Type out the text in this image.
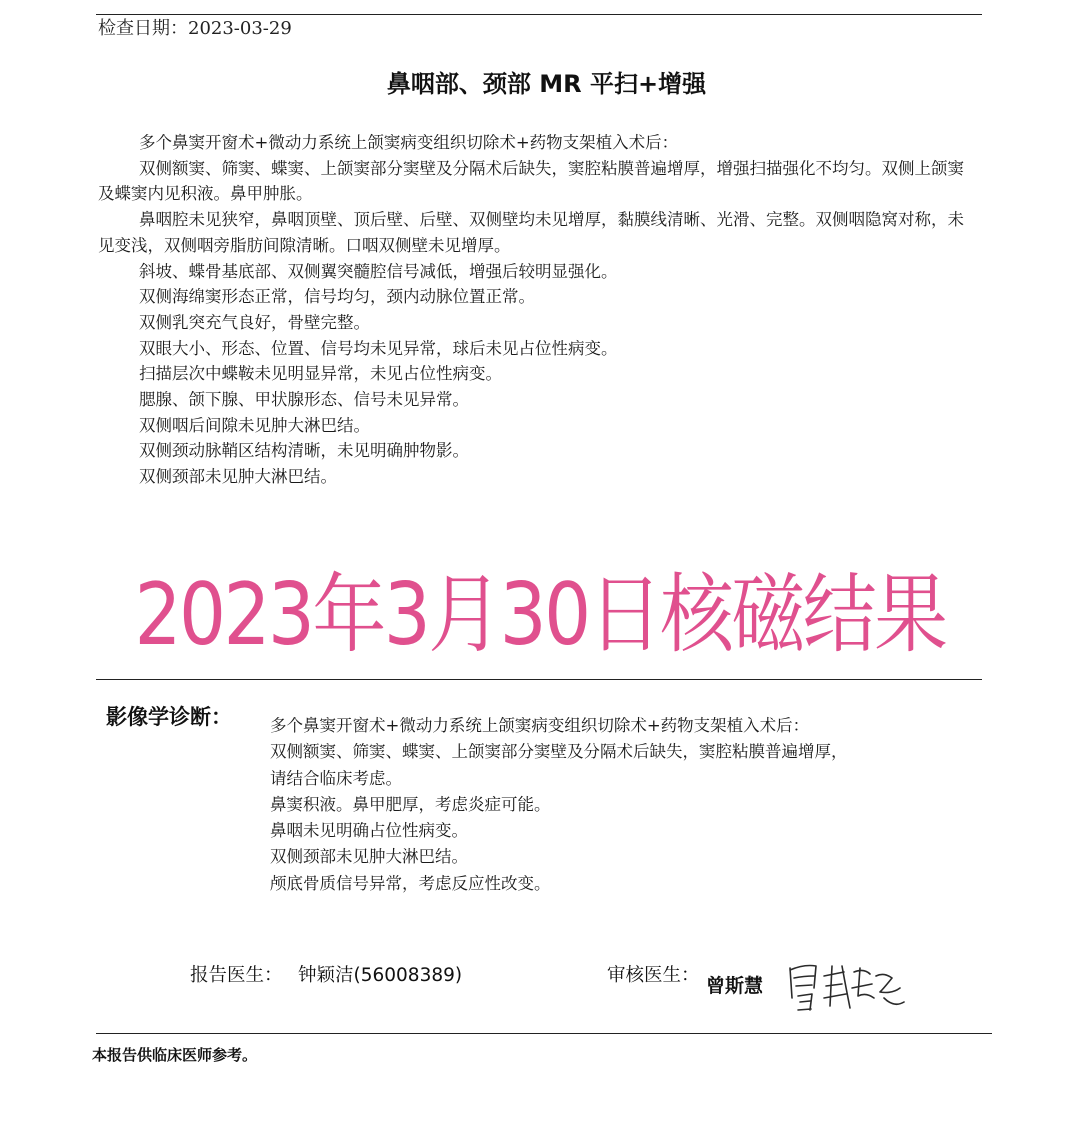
检查日期：2023-03-29
鼻咽部、颈部 MR 平扫+增强
多个鼻窦开窗术+微动力系统上颌窦病变组织切除术+药物支架植入术后：
双侧额窦、筛窦、蝶窦、上颌窦部分窦壁及分隔术后缺失，窦腔粘膜普遍增厚，增强扫描强化不均匀。双侧上颌窦及蝶窦内见积液。鼻甲肿胀。
鼻咽腔未见狭窄，鼻咽顶壁、顶后壁、后壁、双侧壁均未见增厚，黏膜线清晰、光滑、完整。双侧咽隐窝对称，未见变浅，双侧咽旁脂肪间隙清晰。口咽双侧壁未见增厚。
斜坡、蝶骨基底部、双侧翼突髓腔信号减低，增强后较明显强化。
双侧海绵窦形态正常，信号均匀，颈内动脉位置正常。
双侧乳突充气良好，骨壁完整。
双眼大小、形态、位置、信号均未见异常，球后未见占位性病变。
扫描层次中蝶鞍未见明显异常，未见占位性病变。
腮腺、颌下腺、甲状腺形态、信号未见异常。
双侧咽后间隙未见肿大淋巴结。
双侧颈动脉鞘区结构清晰，未见明确肿物影。
双侧颈部未见肿大淋巴结。
2023年3月30日核磁结果
影像学诊断： 多个鼻窦开窗术+微动力系统上颌窦病变组织切除术+药物支架植入术后：
双侧额窦、筛窦、蝶窦、上颌窦部分窦壁及分隔术后缺失，窦腔粘膜普遍增厚，
请结合临床考虑。
鼻窦积液。鼻甲肥厚，考虑炎症可能。
鼻咽未见明确占位性病变。
双侧颈部未见肿大淋巴结。
颅底骨质信号异常，考虑反应性改变。
报告医生： 钟颖洁(56008389)	审核医生： 曾斯慧
本报告供临床医师参考。
